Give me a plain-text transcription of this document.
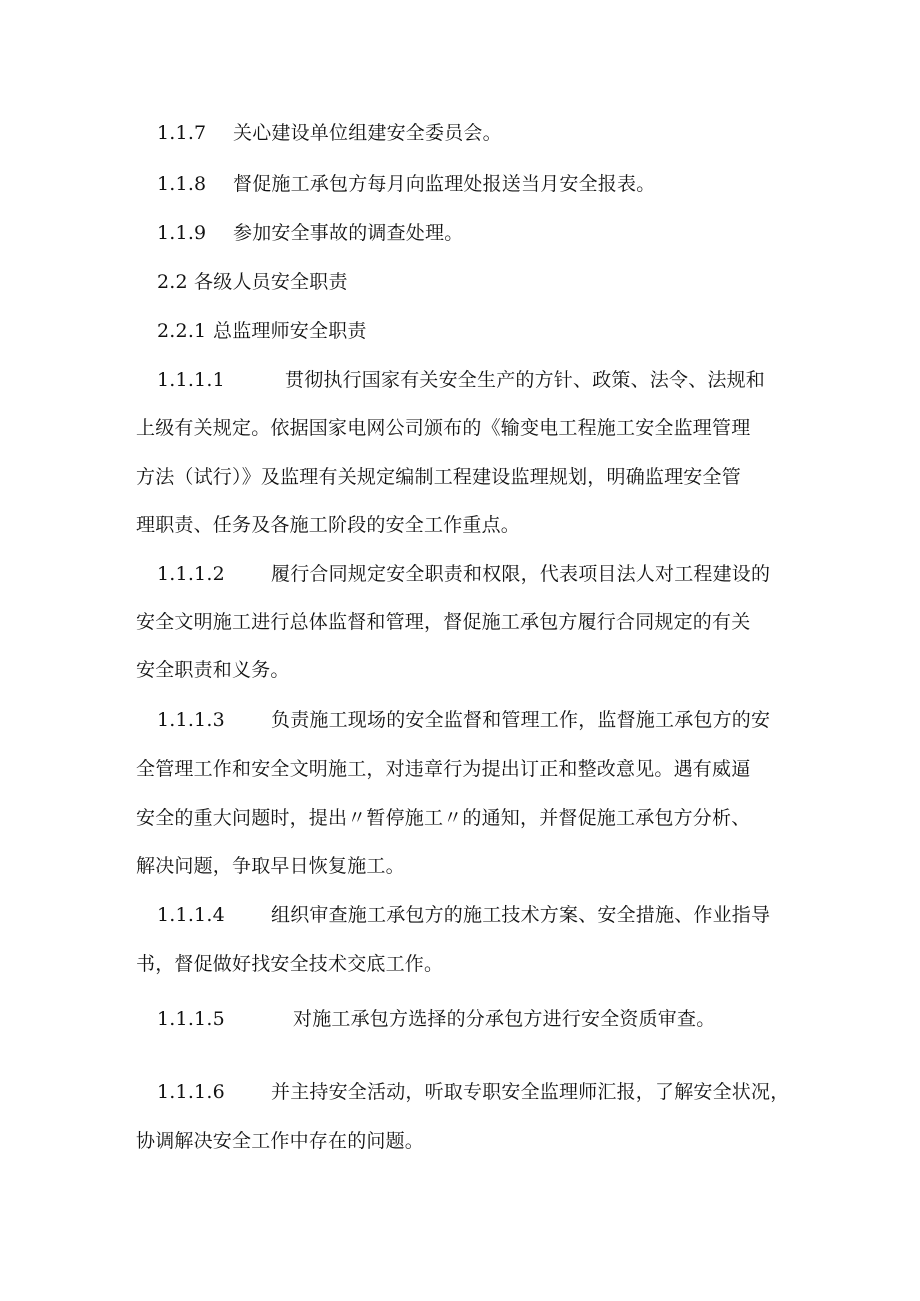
1.1.7 关心建设单位组建安全委员会。
1.1.8 督促施工承包方每月向监理处报送当月安全报表。
1.1.9 参加安全事故的调查处理。
2.2 各级人员安全职责
2.2.1 总监理师安全职责
1.1.1.1	贯彻执行国家有关安全生产的方针、政策、法令、法规和
上级有关规定。依据国家电网公司颁布的《输变电工程施工安全监理管理
方法（试行）》及监理有关规定编制工程建设监理规划，明确监理安全管
理职责、任务及各施工阶段的安全工作重点。
1.1.1.2 履行合同规定安全职责和权限，代表项目法人对工程建设的
安全文明施工进行总体监督和管理，督促施工承包方履行合同规定的有关
安全职责和义务。
1.1.1.3 负责施工现场的安全监督和管理工作，监督施工承包方的安
全管理工作和安全文明施工，对违章行为提出订正和整改意见。遇有威逼
安全的重大问题时，提出〃暂停施工〃的通知，并督促施工承包方分析、
解决问题，争取早日恢复施工。
1.1.1.4 组织审查施工承包方的施工技术方案、安全措施、作业指导
书，督促做好找安全技术交底工作。
1.1.1.5	对施工承包方选择的分承包方进行安全资质审查。
1.1.1.6 并主持安全活动，听取专职安全监理师汇报，了解安全状况，
协调解决安全工作中存在的问题。
